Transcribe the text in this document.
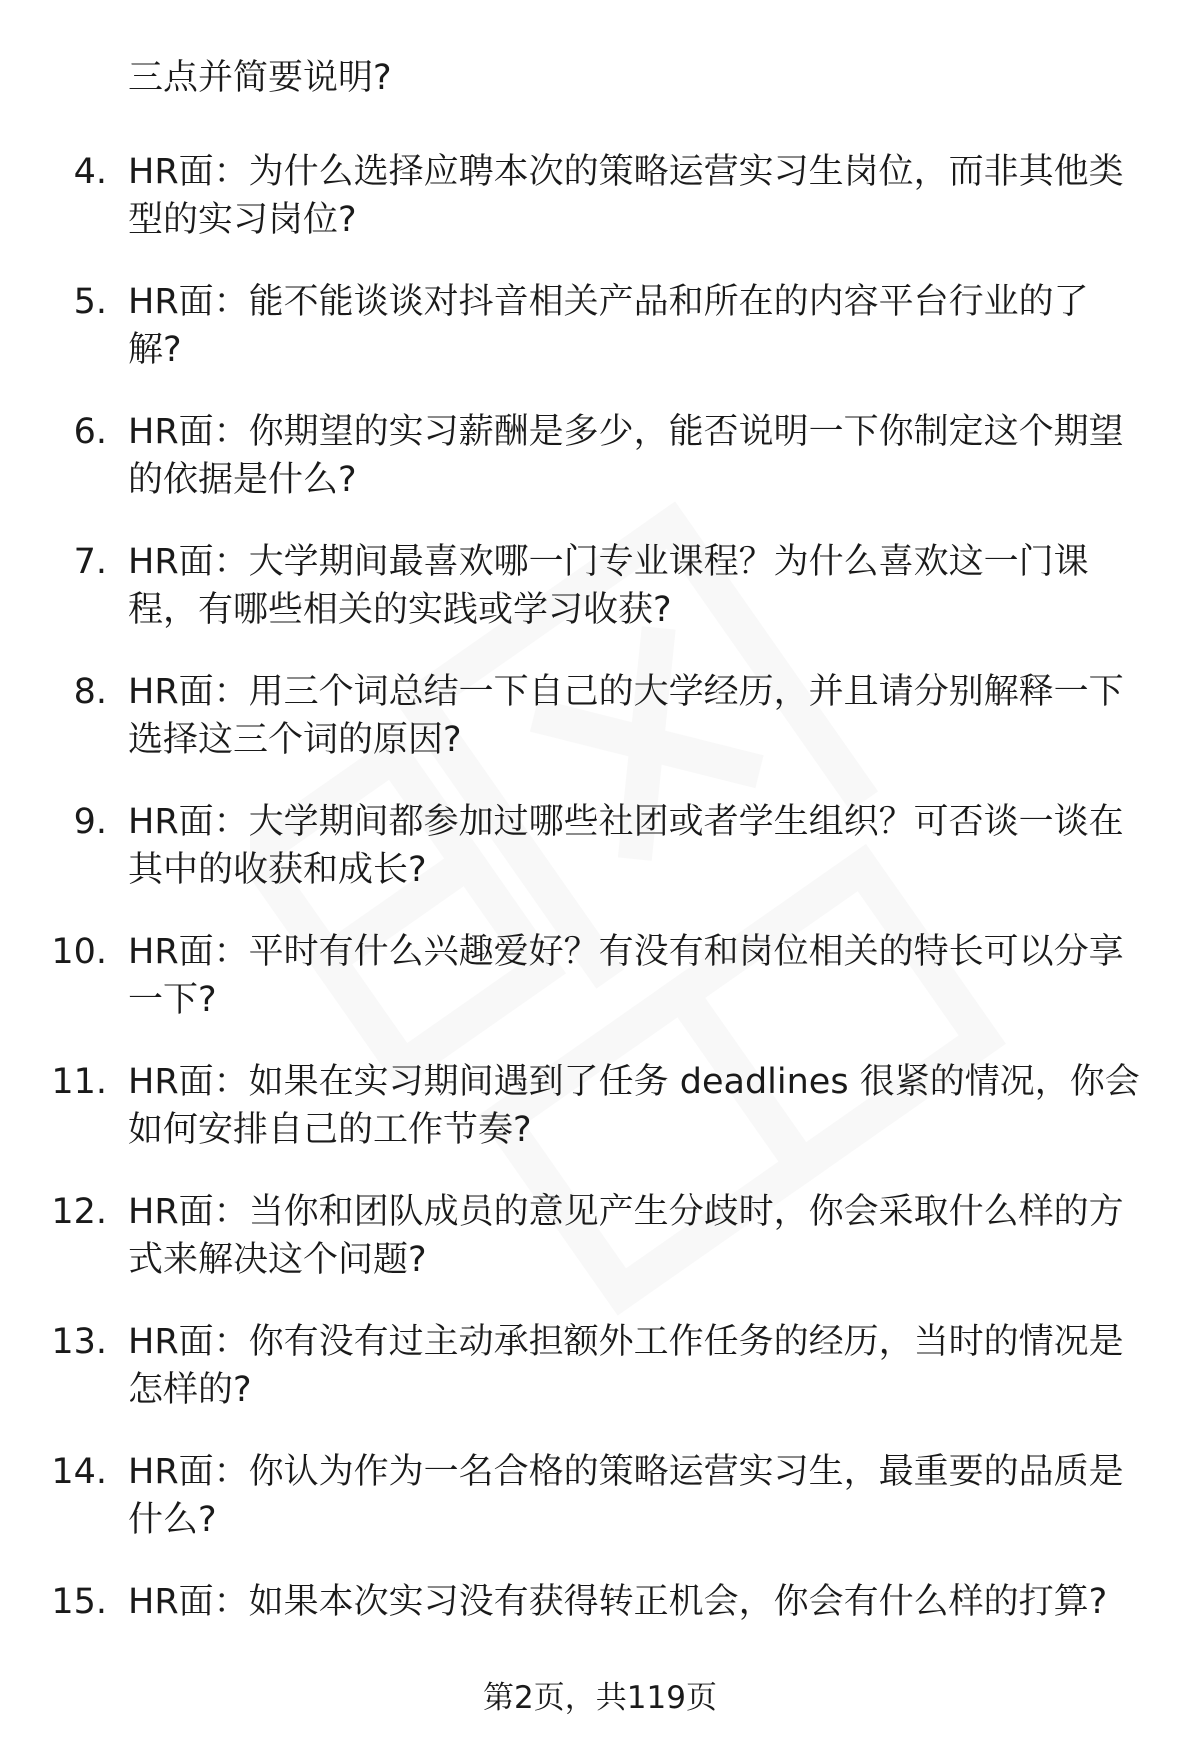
三点并简要说明?
4. HR面：为什么选择应聘本次的策略运营实习生岗位，而非其他类
型的实习岗位?
5. HR面：能不能谈谈对抖音相关产品和所在的内容平台行业的了
解?
6. HR面：你期望的实习薪酬是多少，能否说明一下你制定这个期望
的依据是什么?
7. HR面：大学期间最喜欢哪一门专业课程？为什么喜欢这一门课
程，有哪些相关的实践或学习收获?
8. HR面：用三个词总结一下自己的大学经历，并且请分别解释一下
选择这三个词的原因?
9. HR面：大学期间都参加过哪些社团或者学生组织？可否谈一谈在
其中的收获和成长?
10. HR面：平时有什么兴趣爱好？有没有和岗位相关的特长可以分享
一下?
11. HR面：如果在实习期间遇到了任务 deadlines 很紧的情况，你会
如何安排自己的工作节奏?
12. HR面：当你和团队成员的意见产生分歧时，你会采取什么样的方
式来解决这个问题?
13. HR面：你有没有过主动承担额外工作任务的经历，当时的情况是
怎样的?
14. HR面：你认为作为一名合格的策略运营实习生，最重要的品质是
什么?
15. HR面：如果本次实习没有获得转正机会，你会有什么样的打算?
第2页，共119页
